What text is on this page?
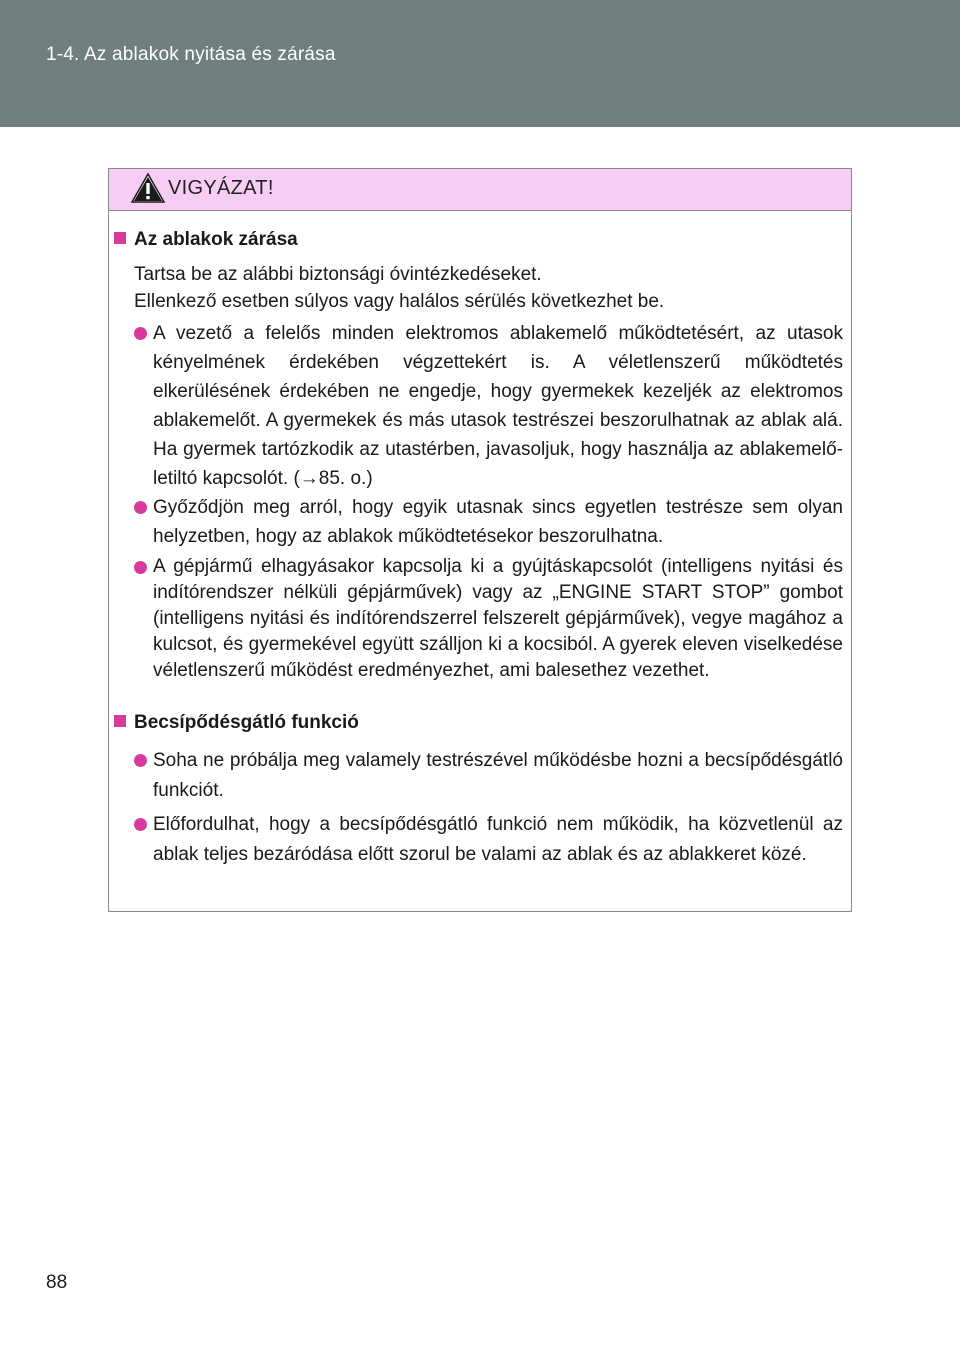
1-4. Az ablakok nyitása és zárása
VIGYÁZAT!
Az ablakok zárása
Tartsa be az alábbi biztonsági óvintézkedéseket.
Ellenkező esetben súlyos vagy halálos sérülés következhet be.
A vezető a felelős minden elektromos ablakemelő működtetésért, az utasok kényelmének érdekében végzettekért is. A véletlenszerű működtetés elkerülésének érdekében ne engedje, hogy gyermekek kezeljék az elektromos ablakemelőt. A gyermekek és más utasok testrészei beszorulhatnak az ablak alá. Ha gyermek tartózkodik az utastérben, javasoljuk, hogy használja az ablakemelő-letiltó kapcsolót. (→85. o.)
Győződjön meg arról, hogy egyik utasnak sincs egyetlen testrésze sem olyan helyzetben, hogy az ablakok működtetésekor beszorulhatna.
A gépjármű elhagyásakor kapcsolja ki a gyújtáskapcsolót (intelligens nyitási és indítórendszer nélküli gépjárművek) vagy az „ENGINE START STOP” gombot (intelligens nyitási és indítórendszerrel felszerelt gépjárművek), vegye magához a kulcsot, és gyermekével együtt szálljon ki a kocsiból. A gyerek eleven viselkedése véletlenszerű működést eredményezhet, ami balesethez vezethet.
Becsípődésgátló funkció
Soha ne próbálja meg valamely testrészével működésbe hozni a becsípődésgátló funkciót.
Előfordulhat, hogy a becsípődésgátló funkció nem működik, ha közvetlenül az ablak teljes bezáródása előtt szorul be valami az ablak és az ablakkeret közé.
88
